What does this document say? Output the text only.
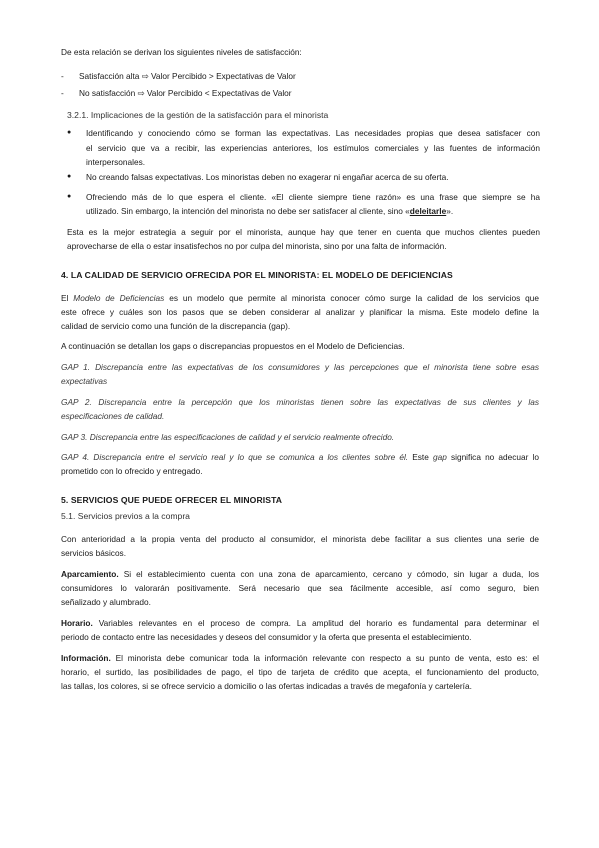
De esta relación se derivan los siguientes niveles de satisfacción:
- Satisfacción alta ⇨ Valor Percibido > Expectativas de Valor
- No satisfacción ⇨ Valor Percibido < Expectativas de Valor
3.2.1. Implicaciones de la gestión de la satisfacción para el minorista
● Identificando y conociendo cómo se forman las expectativas. Las necesidades propias que desea satisfacer con
el servicio que va a recibir, las experiencias anteriores, los estímulos comerciales y las fuentes de información
interpersonales.
● No creando falsas expectativas. Los minoristas deben no exagerar ni engañar acerca de su oferta.
● Ofreciendo más de lo que espera el cliente. «El cliente siempre tiene razón» es una frase que siempre se ha
utilizado. Sin embargo, la intención del minorista no debe ser satisfacer al cliente, sino «deleitarle».
Esta es la mejor estrategia a seguir por el minorista, aunque hay que tener en cuenta que muchos clientes pueden
aprovecharse de ella o estar insatisfechos no por culpa del minorista, sino por una falta de información.
4. LA CALIDAD DE SERVICIO OFRECIDA POR EL MINORISTA: EL MODELO DE DEFICIENCIAS
El Modelo de Deficiencias es un modelo que permite al minorista conocer cómo surge la calidad de los servicios que
este ofrece y cuáles son los pasos que se deben considerar al analizar y planificar la misma. Este modelo define la
calidad de servicio como una función de la discrepancia (gap).
A continuación se detallan los gaps o discrepancias propuestos en el Modelo de Deficiencias.
GAP 1. Discrepancia entre las expectativas de los consumidores y las percepciones que el minorista tiene sobre esas
expectativas
GAP 2. Discrepancia entre la percepción que los minoristas tienen sobre las expectativas de sus clientes y las
especificaciones de calidad.
GAP 3. Discrepancia entre las especificaciones de calidad y el servicio realmente ofrecido.
GAP 4. Discrepancia entre el servicio real y lo que se comunica a los clientes sobre él. Este gap significa no adecuar lo
prometido con lo ofrecido y entregado.
5. SERVICIOS QUE PUEDE OFRECER EL MINORISTA
5.1. Servicios previos a la compra
Con anterioridad a la propia venta del producto al consumidor, el minorista debe facilitar a sus clientes una serie de
servicios básicos.
Aparcamiento. Si el establecimiento cuenta con una zona de aparcamiento, cercano y cómodo, sin lugar a duda, los
consumidores lo valorarán positivamente. Será necesario que sea fácilmente accesible, así como seguro, bien
señalizado y alumbrado.
Horario. Variables relevantes en el proceso de compra. La amplitud del horario es fundamental para determinar el
periodo de contacto entre las necesidades y deseos del consumidor y la oferta que presenta el establecimiento.
Información. El minorista debe comunicar toda la información relevante con respecto a su punto de venta, esto es: el
horario, el surtido, las posibilidades de pago, el tipo de tarjeta de crédito que acepta, el funcionamiento del producto,
las tallas, los colores, si se ofrece servicio a domicilio o las ofertas indicadas a través de megafonía y cartelería.
